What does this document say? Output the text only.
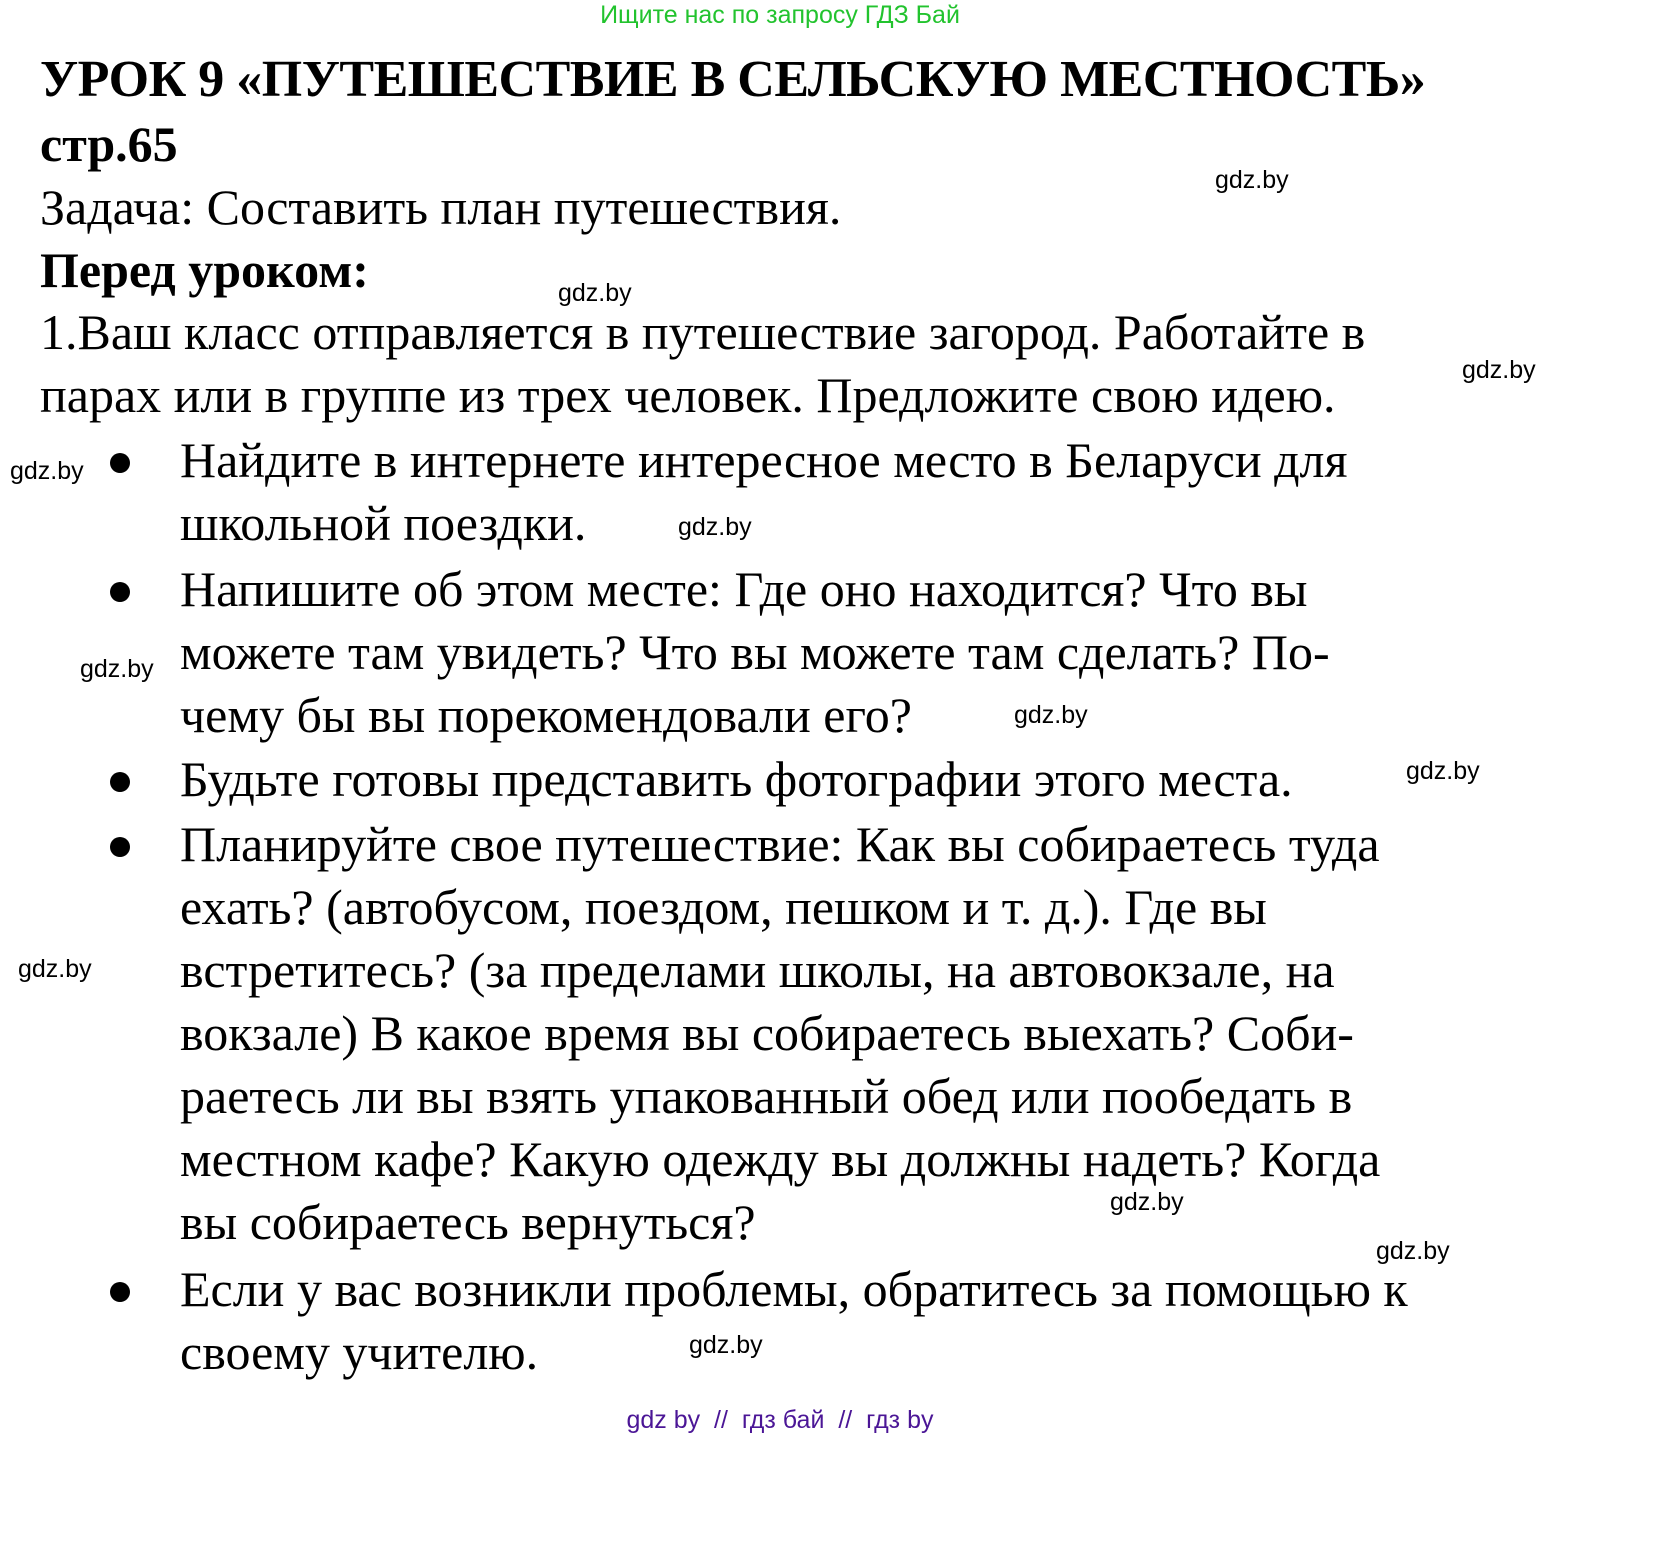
Ищите нас по запросу ГДЗ Бай
УРОК 9 «ПУТЕШЕСТВИЕ В СЕЛЬСКУЮ МЕСТНОСТЬ»
стр.65
Задача: Составить план путешествия.
Перед уроком:
1.Ваш класс отправляется в путешествие загород. Работайте в
парах или в группе из трех человек. Предложите свою идею.
Найдите в интернете интересное место в Беларуси для
школьной поездки.
Напишите об этом месте: Где оно находится? Что вы
можете там увидеть? Что вы можете там сделать? По-
чему бы вы порекомендовали его?
Будьте готовы представить фотографии этого места.
Планируйте свое путешествие: Как вы собираетесь туда
ехать? (автобусом, поездом, пешком и т. д.). Где вы
встретитесь? (за пределами школы, на автовокзале, на
вокзале) В какое время вы собираетесь выехать? Соби-
раетесь ли вы взять упакованный обед или пообедать в
местном кафе? Какую одежду вы должны надеть? Когда
вы собираетесь вернуться?
Если у вас возникли проблемы, обратитесь за помощью к
своему учителю.
gdz.by
gdz.by
gdz.by
gdz.by
gdz.by
gdz.by
gdz.by
gdz.by
gdz.by
gdz.by
gdz.by
gdz.by
gdz by  //  гдз бай  //  гдз by
